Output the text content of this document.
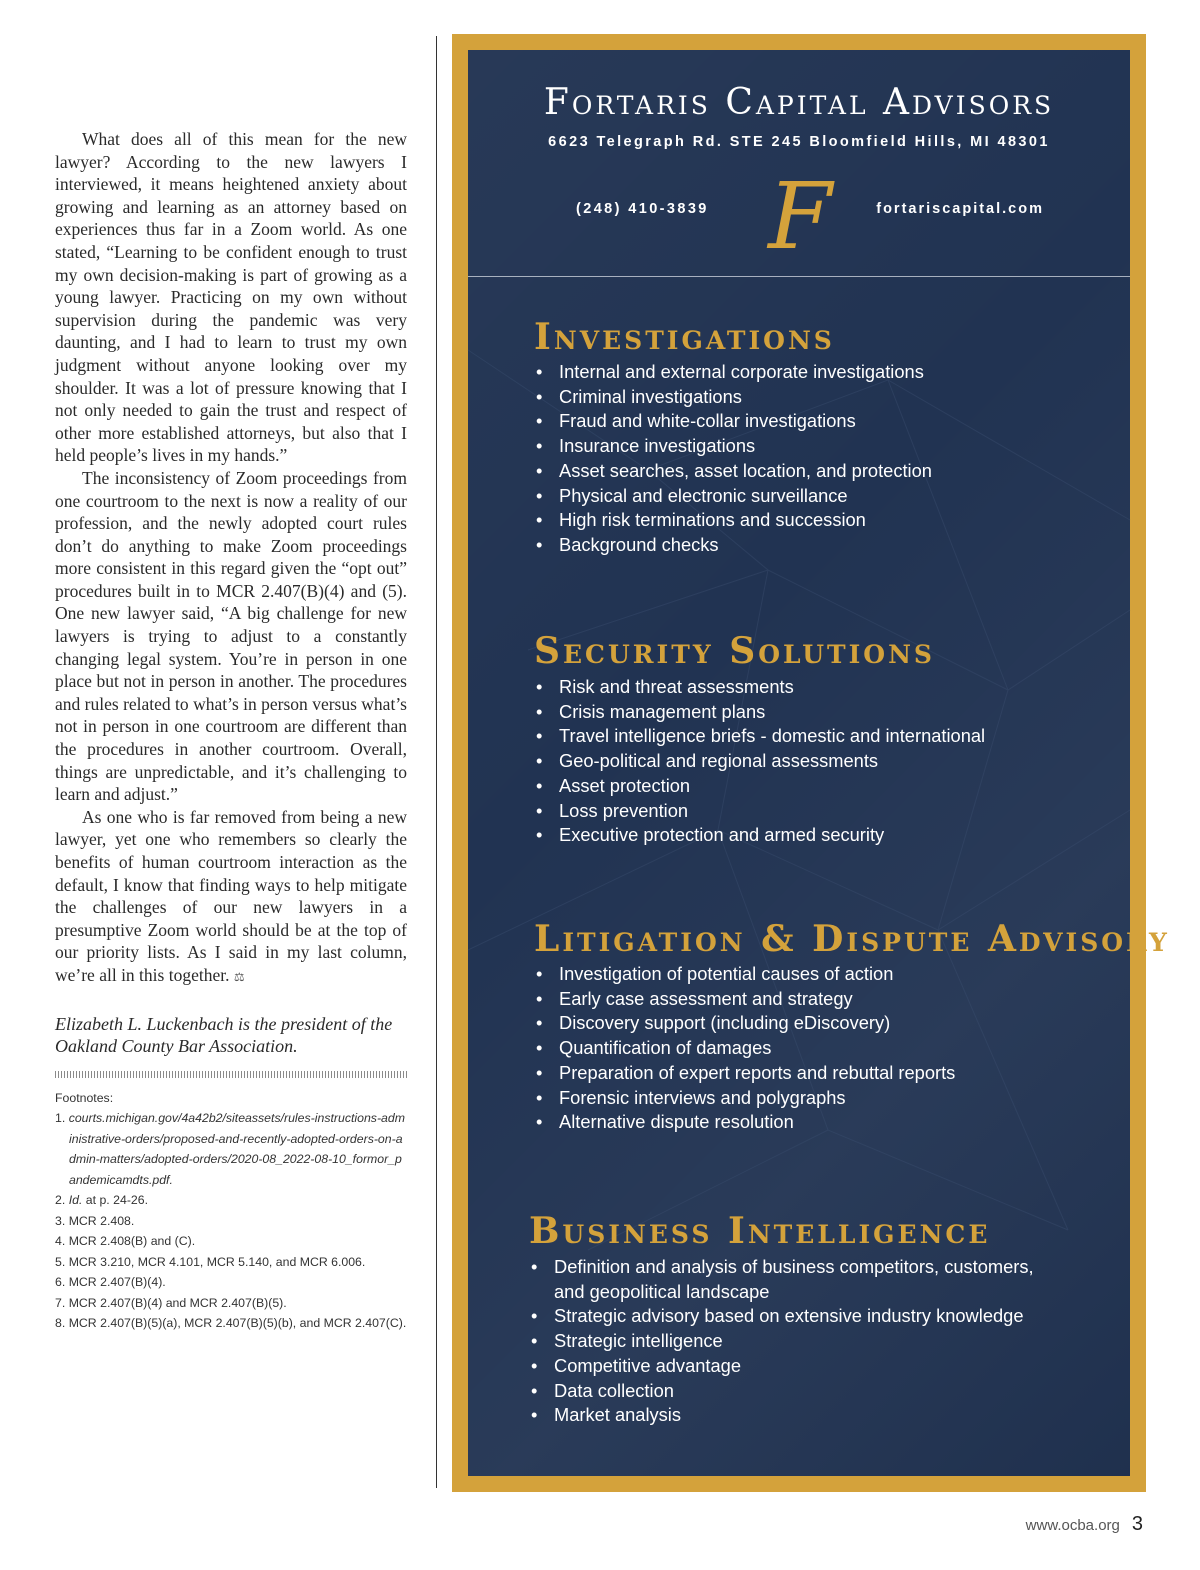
What does all of this mean for the new lawyer? According to the new lawyers I interviewed, it means heightened anxiety about growing and learning as an attorney based on experiences thus far in a Zoom world. As one stated, “Learning to be confident enough to trust my own decision-making is part of growing as a young lawyer. Practicing on my own without supervision during the pandemic was very daunting, and I had to learn to trust my own judgment without anyone looking over my shoulder. It was a lot of pressure knowing that I not only needed to gain the trust and respect of other more established attorneys, but also that I held people’s lives in my hands.”

The inconsistency of Zoom proceedings from one courtroom to the next is now a reality of our profession, and the newly adopted court rules don’t do anything to make Zoom proceedings more consistent in this regard given the “opt out” procedures built in to MCR 2.407(B)(4) and (5). One new lawyer said, “A big challenge for new lawyers is trying to adjust to a constantly changing legal system. You’re in person in one place but not in person in another. The procedures and rules related to what’s in person versus what’s not in person in one courtroom are different than the procedures in another courtroom. Overall, things are unpredictable, and it’s challenging to learn and adjust.”

As one who is far removed from being a new lawyer, yet one who remembers so clearly the benefits of human courtroom interaction as the default, I know that finding ways to help mitigate the challenges of our new lawyers in a presumptive Zoom world should be at the top of our priority lists. As I said in my last column, we’re all in this together. ⚖

Elizabeth L. Luckenbach is the president of the Oakland County Bar Association.

Footnotes:
1. courts.michigan.gov/4a42b2/siteassets/rules-instructions-administrative-orders/proposed-and-recently-adopted-orders-on-admin-matters/adopted-orders/2020-08_2022-08-10_formor_pandemicamdts.pdf.
2. Id. at p. 24-26.
3. MCR 2.408.
4. MCR 2.408(B) and (C).
5. MCR 3.210, MCR 4.101, MCR 5.140, and MCR 6.006.
6. MCR 2.407(B)(4).
7. MCR 2.407(B)(4) and MCR 2.407(B)(5).
8. MCR 2.407(B)(5)(a), MCR 2.407(B)(5)(b), and MCR 2.407(C).
Fortaris Capital Advisors
6623 Telegraph Rd. STE 245 Bloomfield Hills, MI 48301
(248) 410-3839 F	fortariscapital.com
Investigations
• Internal and external corporate investigations
• Criminal investigations
• Fraud and white-collar investigations
• Insurance investigations
• Asset searches, asset location, and protection
• Physical and electronic surveillance
• High risk terminations and succession
• Background checks
Security Solutions
• Risk and threat assessments
• Crisis management plans
• Travel intelligence briefs - domestic and international
• Geo-political and regional assessments
• Asset protection
• Loss prevention
• Executive protection and armed security
Litigation & Dispute Advisory
• Investigation of potential causes of action
• Early case assessment and strategy
• Discovery support (including eDiscovery)
• Quantification of damages
• Preparation of expert reports and rebuttal reports
• Forensic interviews and polygraphs
• Alternative dispute resolution
Business Intelligence
• Definition and analysis of business competitors, customers, and geopolitical landscape
• Strategic advisory based on extensive industry knowledge
• Strategic intelligence
• Competitive advantage
• Data collection
• Market analysis
www.ocba.org 3
